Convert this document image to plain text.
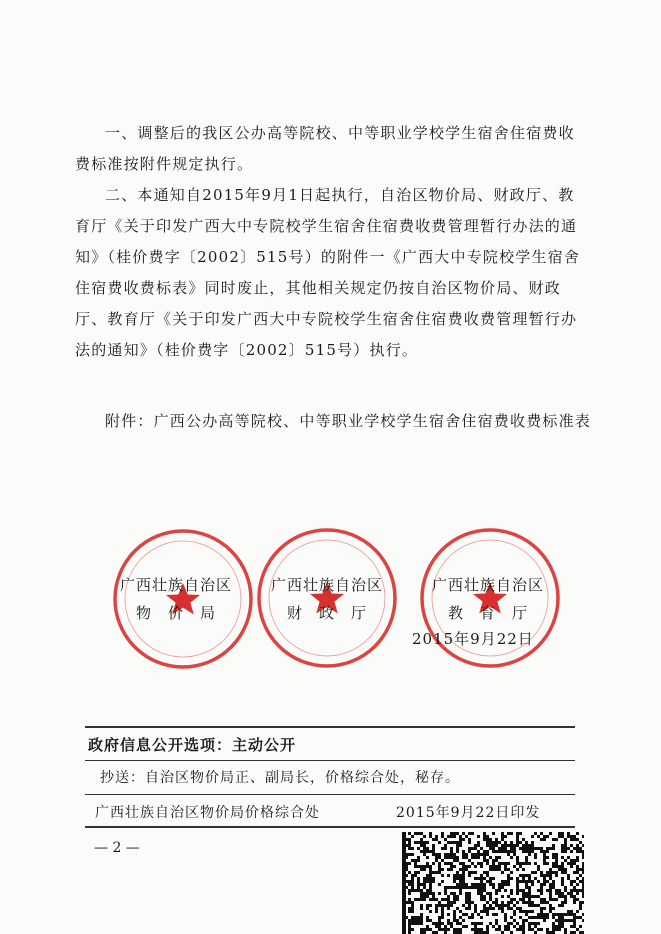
一、调整后的我区公办高等院校、中等职业学校学生宿舍住宿费收费标准按附件规定执行。
二、本通知自2015年9月1日起执行，自治区物价局、财政厅、教育厅《关于印发广西大中专院校学生宿舍住宿费收费管理暂行办法的通知》（桂价费字〔2002〕515号）的附件一《广西大中专院校学生宿舍住宿费收费标表》同时废止，其他相关规定仍按自治区物价局、财政厅、教育厅《关于印发广西大中专院校学生宿舍住宿费收费管理暂行办法的通知》（桂价费字〔2002〕515号）执行。
附件：广西公办高等院校、中等职业学校学生宿舍住宿费收费标准表
广西壮族自治区
物　价　局
广西壮族自治区
财　政　厅
广西壮族自治区
教　育　厅
2015年9月22日
政府信息公开选项：主动公开
抄送：自治区物价局正、副局长，价格综合处，秘存。
广西壮族自治区物价局价格综合处	2015年9月22日印发
— 2 —
